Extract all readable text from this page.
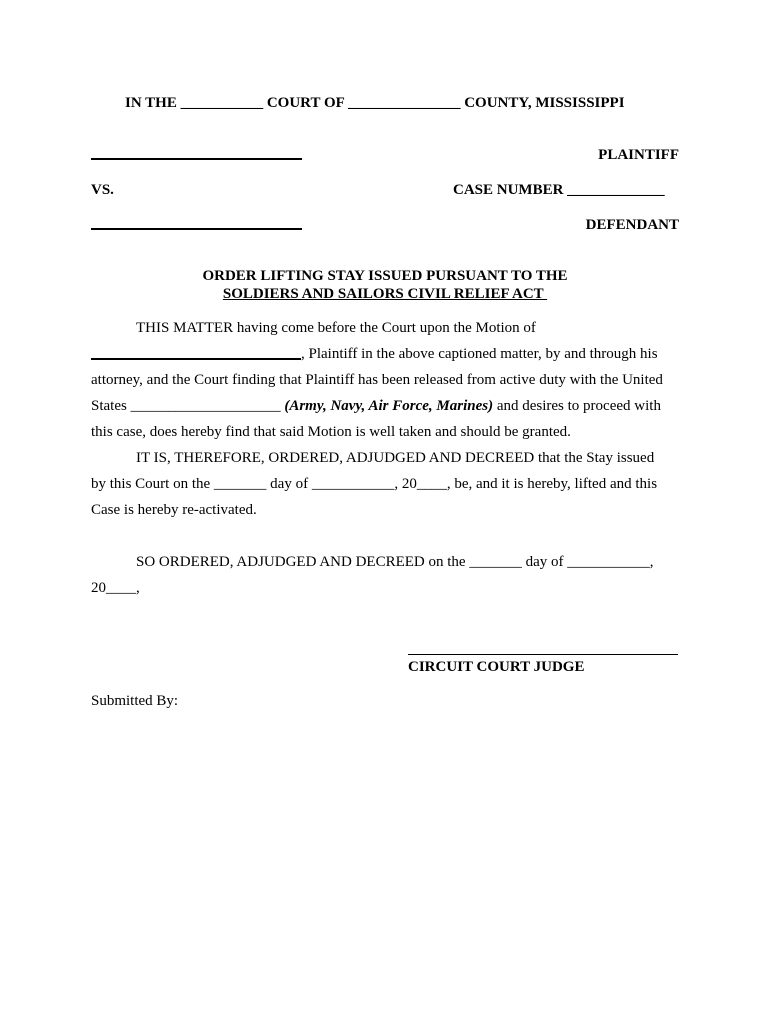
IN THE ___________ COURT OF _______________ COUNTY, MISSISSIPPI
PLAINTIFF
VS.	CASE NUMBER _____________
DEFENDANT
ORDER LIFTING STAY ISSUED PURSUANT TO THE
SOLDIERS AND SAILORS CIVIL RELIEF ACT
THIS MATTER having come before the Court upon the Motion of
, Plaintiff in the above captioned matter, by and through his
attorney, and the Court finding that Plaintiff has been released from active duty with the United
States ____________________ (Army, Navy, Air Force, Marines) and desires to proceed with
this case, does hereby find that said Motion is well taken and should be granted.
IT IS, THEREFORE, ORDERED, ADJUDGED AND DECREED that the Stay issued
by this Court on the _______ day of ___________, 20____, be, and it is hereby, lifted and this
Case is hereby re-activated.
SO ORDERED, ADJUDGED AND DECREED on the _______ day of ___________,
20____,
CIRCUIT COURT JUDGE
Submitted By:
